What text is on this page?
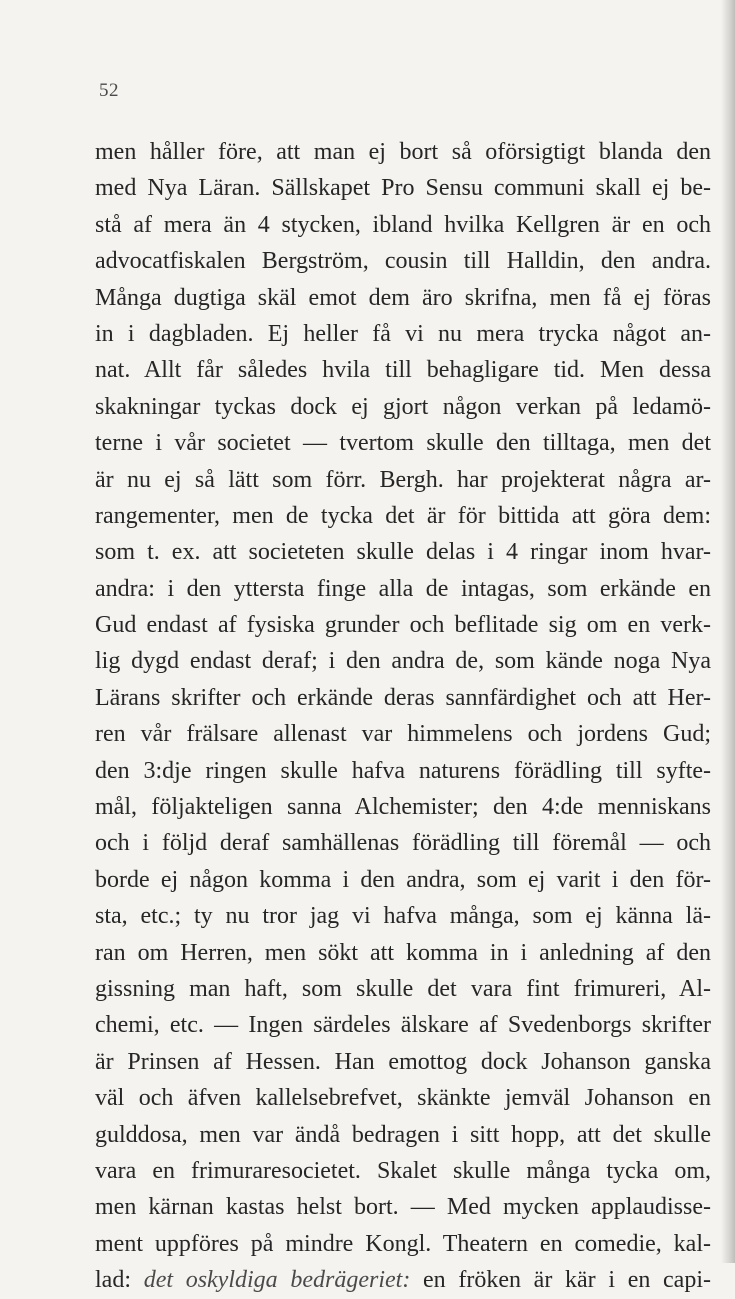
52
men håller före, att man ej bort så oförsigtigt blanda den
med Nya Läran. Sällskapet Pro Sensu communi skall ej be-
stå af mera än 4 stycken, ibland hvilka Kellgren är en och
advocatfiskalen Bergström, cousin till Halldin, den andra.
Många dugtiga skäl emot dem äro skrifna, men få ej föras
in i dagbladen. Ej heller få vi nu mera trycka något an-
nat. Allt får således hvila till behagligare tid. Men dessa
skakningar tyckas dock ej gjort någon verkan på ledamö-
terne i vår societet — tvertom skulle den tilltaga, men det
är nu ej så lätt som förr. Bergh. har projekterat några ar-
rangementer, men de tycka det är för bittida att göra dem:
som t. ex. att societeten skulle delas i 4 ringar inom hvar-
andra: i den yttersta finge alla de intagas, som erkände en
Gud endast af fysiska grunder och beflitade sig om en verk-
lig dygd endast deraf; i den andra de, som kände noga Nya
Lärans skrifter och erkände deras sannfärdighet och att Her-
ren vår frälsare allenast var himmelens och jordens Gud;
den 3:dje ringen skulle hafva naturens förädling till syfte-
mål, följakteligen sanna Alchemister; den 4:de menniskans
och i följd deraf samhällenas förädling till föremål — och
borde ej någon komma i den andra, som ej varit i den för-
sta, etc.; ty nu tror jag vi hafva många, som ej känna lä-
ran om Herren, men sökt att komma in i anledning af den
gissning man haft, som skulle det vara fint frimureri, Al-
chemi, etc. — Ingen särdeles älskare af Svedenborgs skrifter
är Prinsen af Hessen. Han emottog dock Johanson ganska
väl och äfven kallelsebrefvet, skänkte jemväl Johanson en
gulddosa, men var ändå bedragen i sitt hopp, att det skulle
vara en frimuraresocietet. Skalet skulle många tycka om,
men kärnan kastas helst bort. — Med mycken applaudisse-
ment uppföres på mindre Kongl. Theatern en comedie, kal-
lad: det oskyldiga bedrägeriet: en fröken är kär i en capi-
